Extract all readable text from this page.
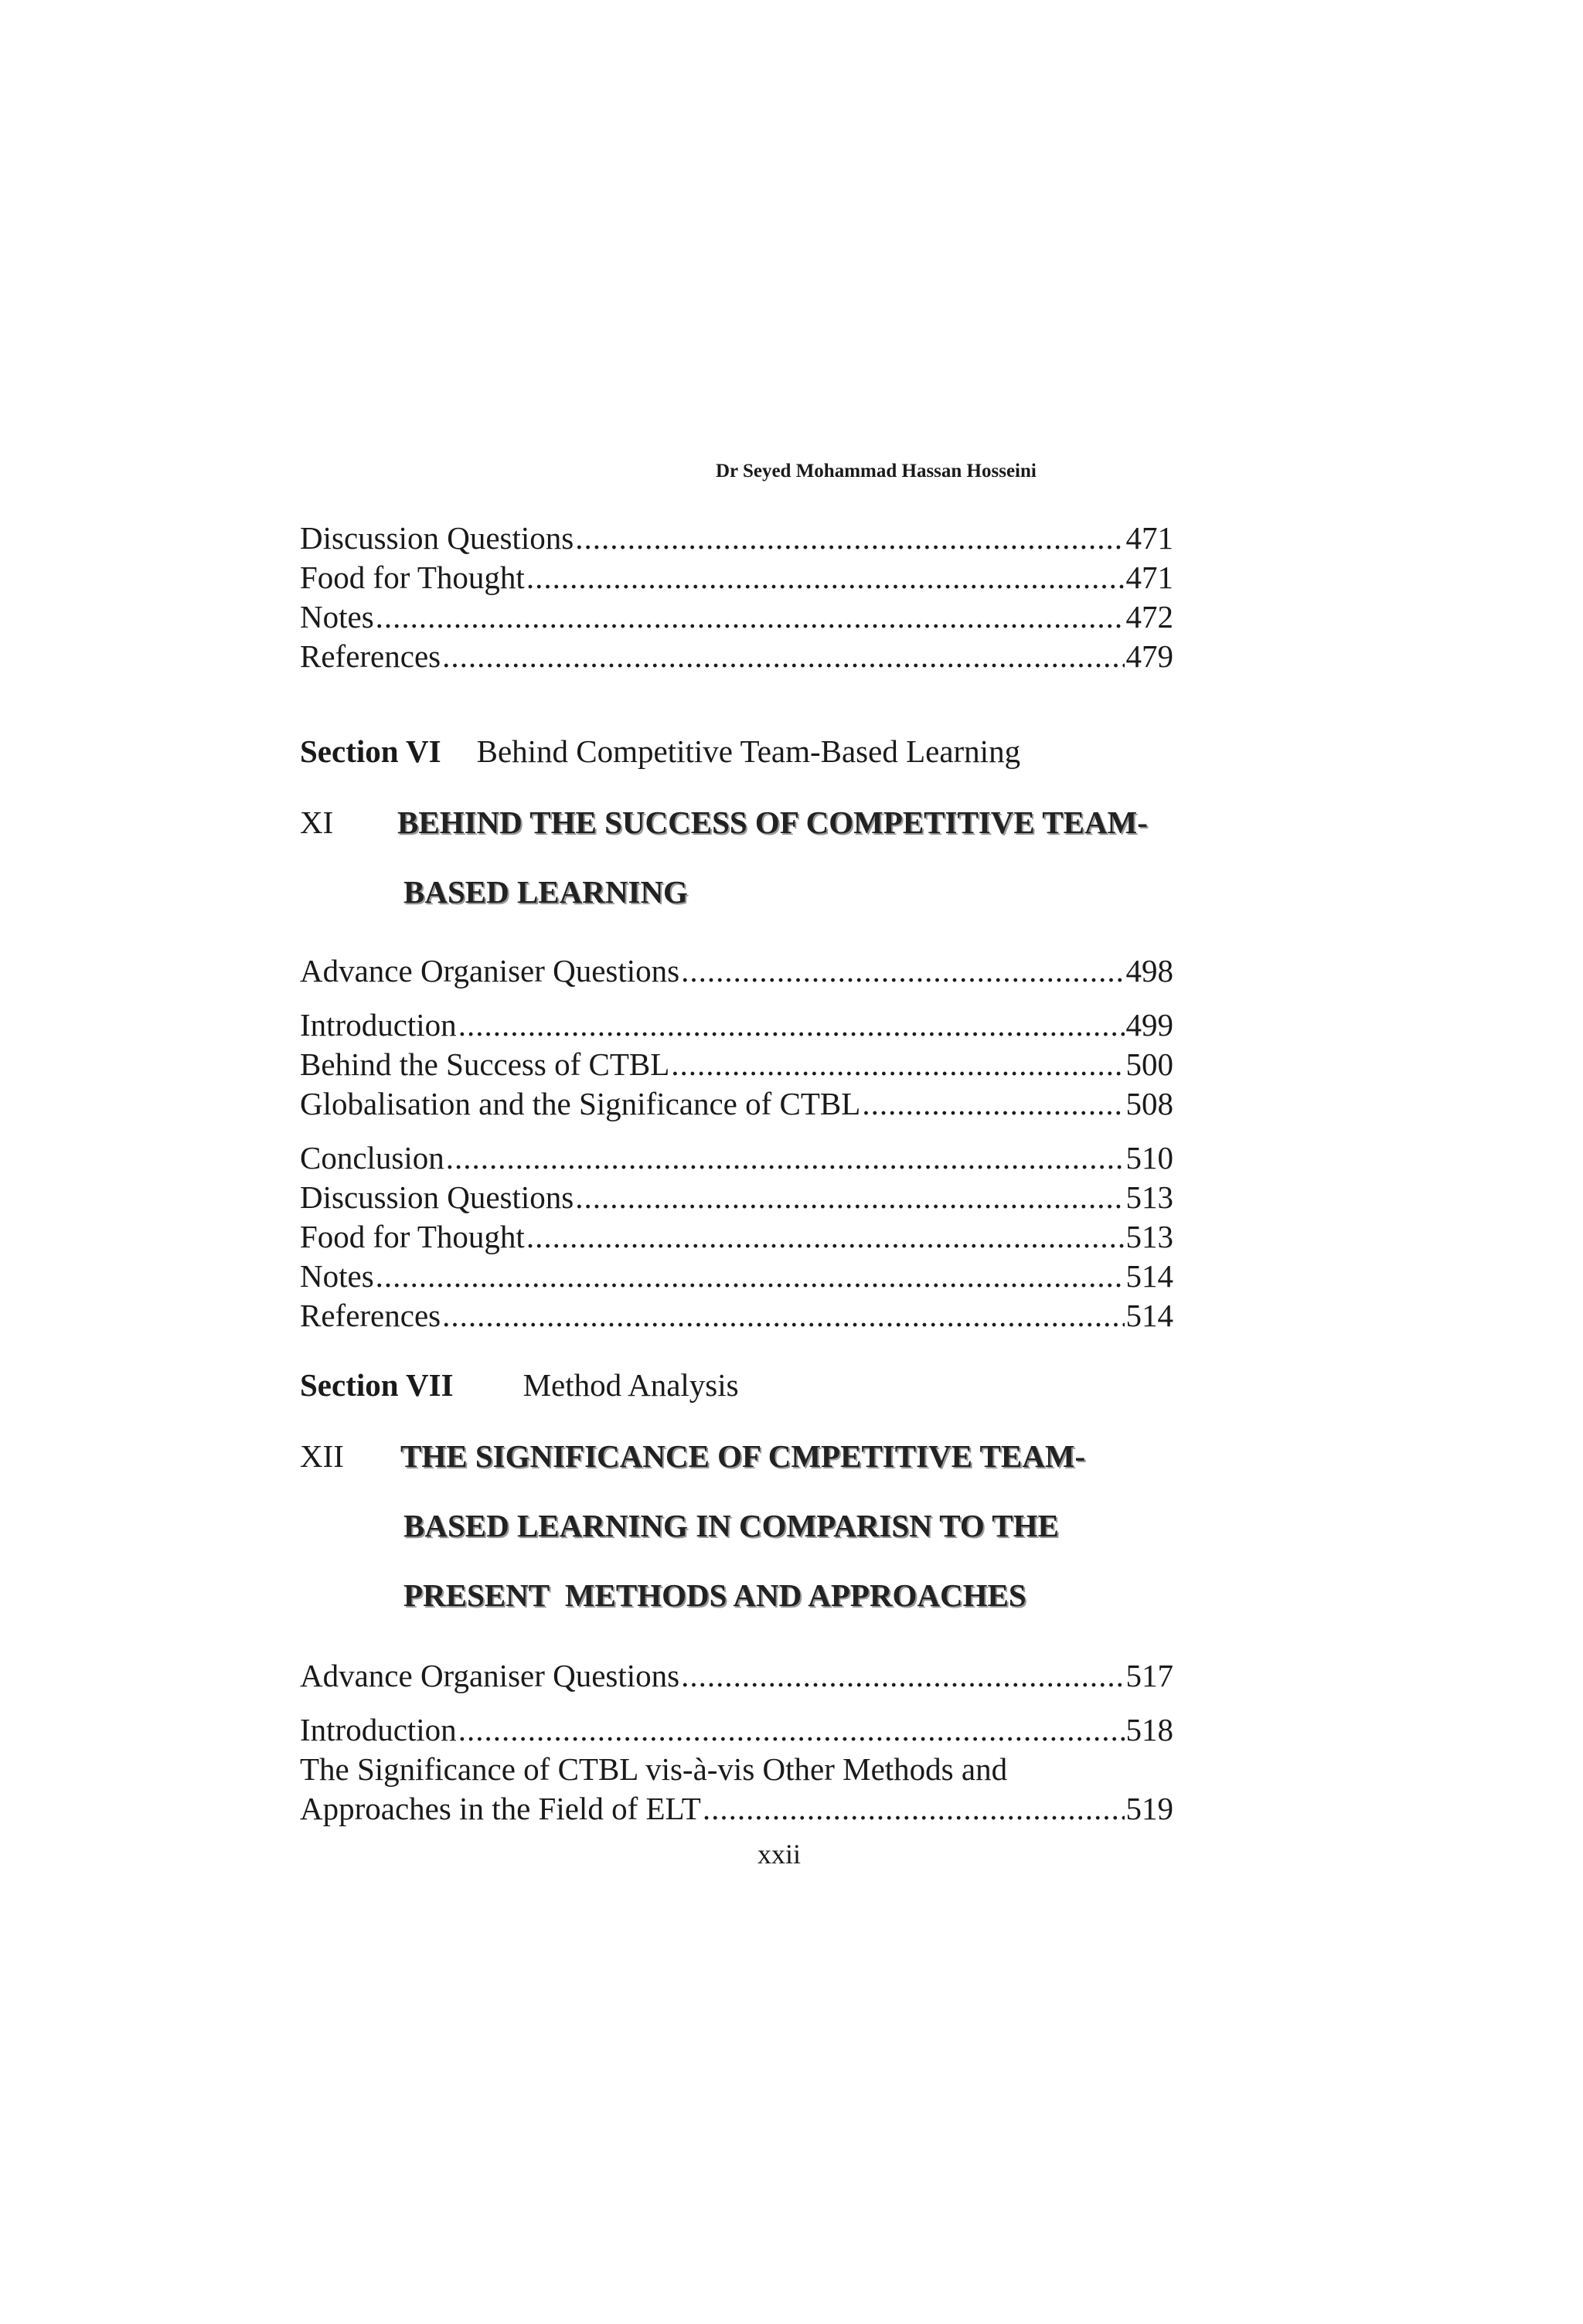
Dr Seyed Mohammad Hassan Hosseini
Discussion Questions .....	471
Food for Thought .....	471
Notes .....	472
References .....	479
Section VI Behind Competitive Team-Based Learning
XI BEHIND THE SUCCESS OF COMPETITIVE TEAM-
BASED LEARNING
Advance Organiser Questions .....	498
Introduction .....	499
Behind the Success of CTBL .....	500
Globalisation and the Significance of CTBL .....	508
Conclusion .....	510
Discussion Questions .....	513
Food for Thought .....	513
Notes .....	514
References .....	514
Section VII Method Analysis
XII THE SIGNIFICANCE OF CMPETITIVE TEAM-
BASED LEARNING IN COMPARISN TO THE
PRESENT  METHODS AND APPROACHES
Advance Organiser Questions .....	517
Introduction .....	518
The Significance of CTBL vis-à-vis Other Methods and
Approaches in the Field of ELT .....	519
xxii
